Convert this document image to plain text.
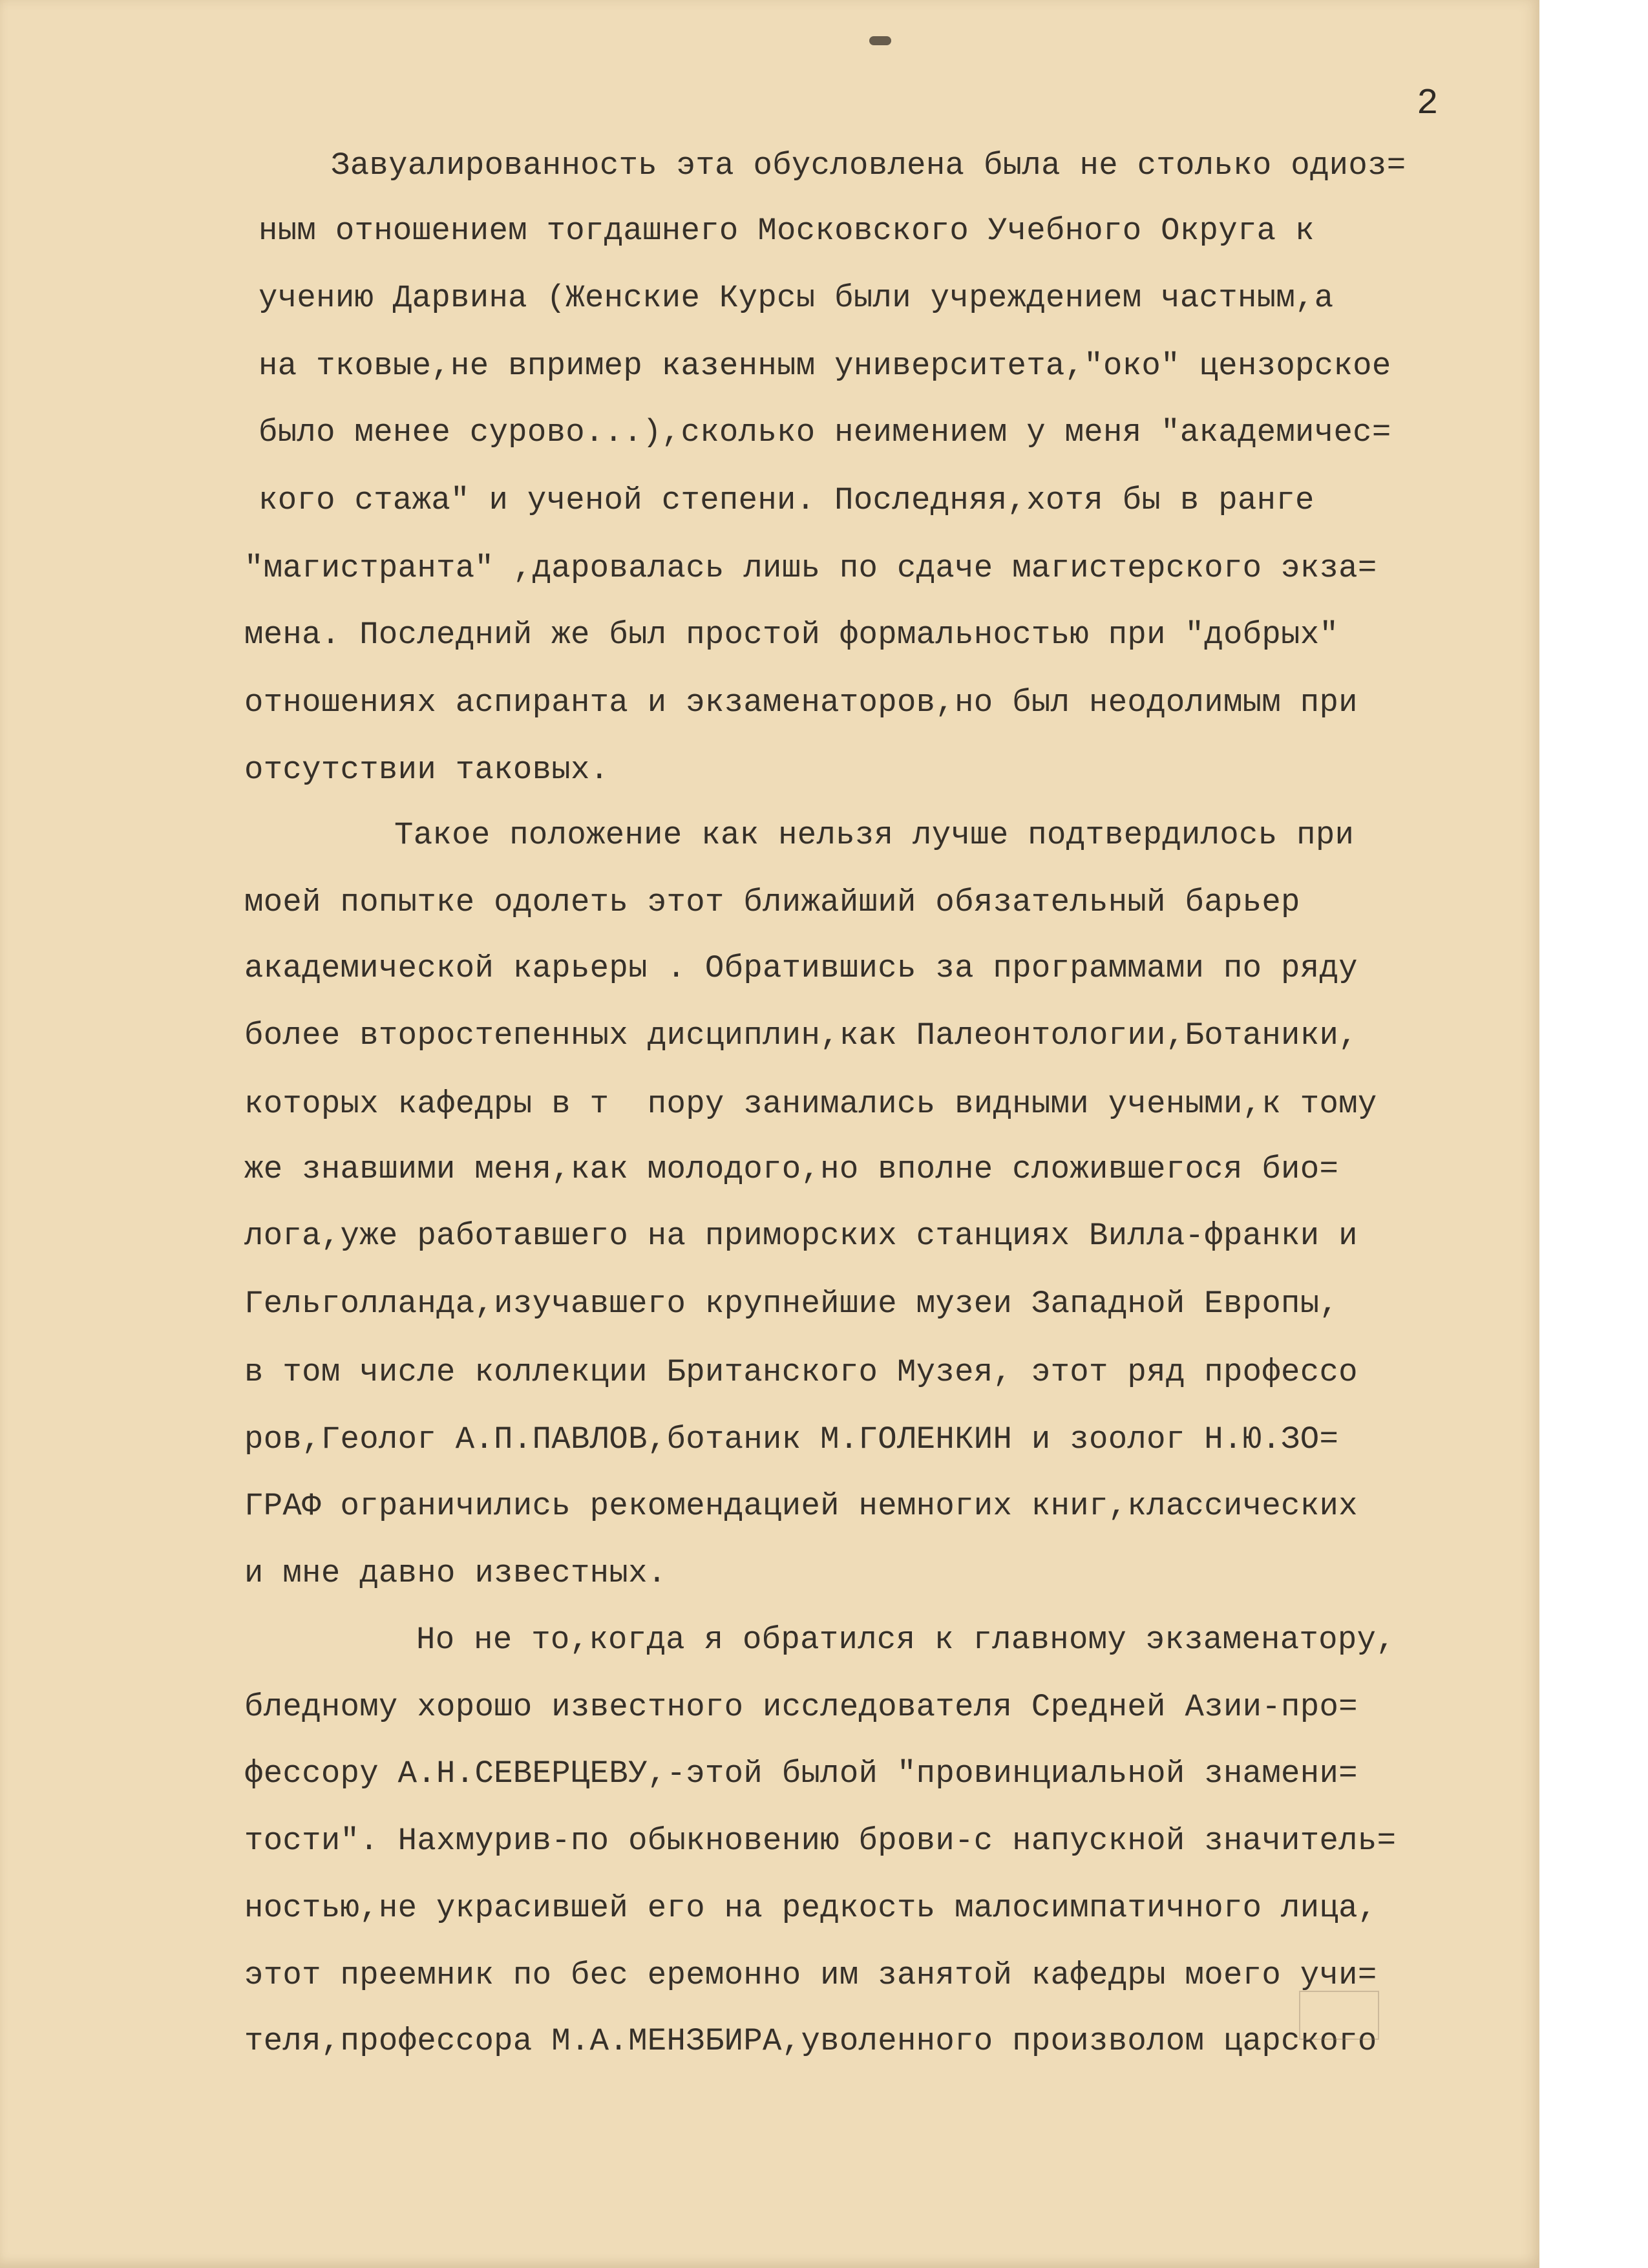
2

Завуалированность эта обусловлена была не столько одиоз=

ным отношением тогдашнего Московского Учебного Округа к

учению Дарвина (Женские Курсы были учреждением частным,а

на тковые,не впример казенным университета,"око" цензорское

было менее сурово...),сколько неимением у меня "академичес=

кого стажа" и ученой степени. Последняя,хотя бы в ранге

"магистранта" ,даровалась лишь по сдаче магистерского экза=

мена. Последний же был простой формальностью при "добрых"

отношениях аспиранта и экзаменаторов,но был неодолимым при

отсутствии таковых.

Такое положение как нельзя лучше подтвердилось при

моей попытке одолеть этот ближайший обязательный барьер

академической карьеры . Обратившись за программами по ряду

более второстепенных дисциплин,как Палеонтологии,Ботаники,

которых кафедры в т  пору занимались видными учеными,к тому

же знавшими меня,как молодого,но вполне сложившегося био=

лога,уже работавшего на приморских станциях Вилла-франки и

Гельголланда,изучавшего крупнейшие музеи Западной Европы,

в том числе коллекции Британского Музея, этот ряд профессо

ров,Геолог А.П.ПАВЛОВ,ботаник М.ГОЛЕНКИН и зоолог Н.Ю.ЗО=

ГРАФ ограничились рекомендацией немногих книг,классических

и мне давно известных.

Но не то,когда я обратился к главному экзаменатору,

бледному хорошо известного исследователя Средней Азии-про=

фессору А.Н.СЕВЕРЦЕВУ,-этой былой "провинциальной знамени=

тости". Нахмурив-по обыкновению брови-с напускной значитель=

ностью,не украсившей его на редкость малосимпатичного лица,

этот преемник по бес еремонно им занятой кафедры моего учи=

теля,профессора М.А.МЕНЗБИРА,уволенного произволом царского
